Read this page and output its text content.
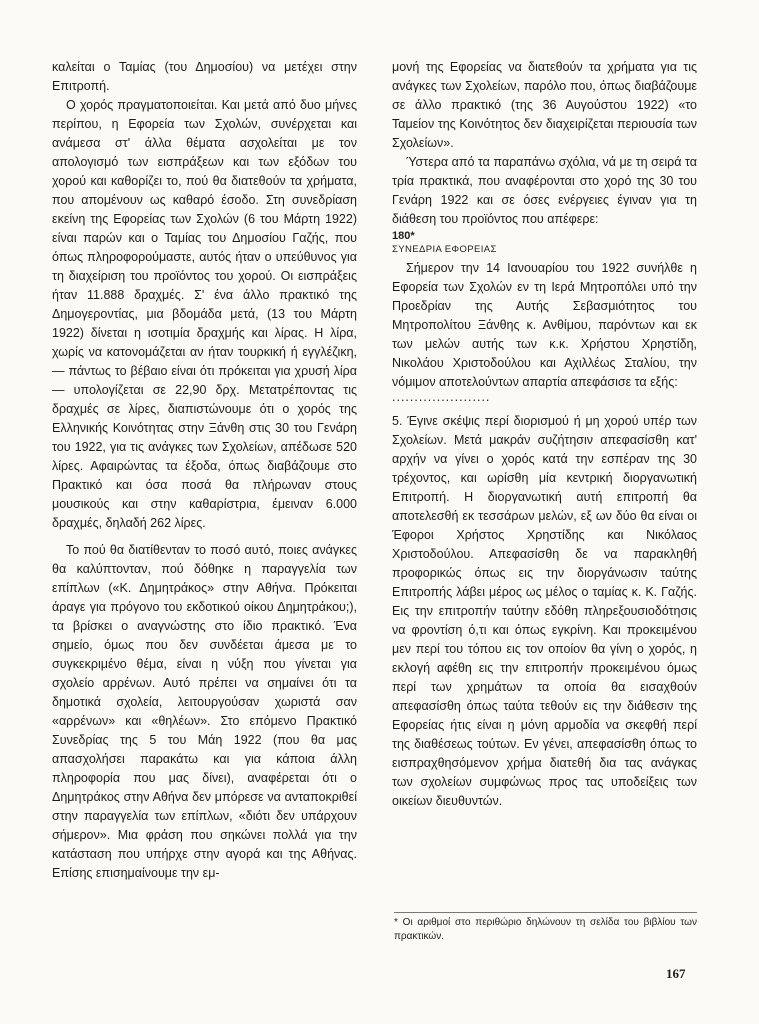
καλείται ο Ταμίας (του Δημοσίου) να μετέχει στην Επιτροπή.

Ο χορός πραγματοποιείται. Και μετά από δυο μήνες περίπου, η Εφορεία των Σχολών, συνέρχεται και ανάμεσα στ' άλλα θέματα ασχολείται με τον απολογισμό των εισπράξεων και των εξόδων του χορού και καθορίζει το, πού θα διατεθούν τα χρήματα, που απομένουν ως καθαρό έσοδο. Στη συνεδρίαση εκείνη της Εφορείας των Σχολών (6 του Μάρτη 1922) είναι παρών και ο Ταμίας του Δημοσίου Γαζής, που όπως πληροφορούμαστε, αυτός ήταν ο υπεύθυνος για τη διαχείριση του προϊόντος του χορού. Οι εισπράξεις ήταν 11.888 δραχμές. Σ' ένα άλλο πρακτικό της Δημογεροντίας, μια βδομάδα μετά, (13 του Μάρτη 1922) δίνεται η ισοτιμία δραχμής και λίρας. Η λίρα, χωρίς να κατονομάζεται αν ήταν τουρκική ή εγγλέζικη, — πάντως το βέβαιο είναι ότι πρόκειται για χρυσή λίρα — υπολογίζεται σε 22,90 δρχ. Μετατρέποντας τις δραχμές σε λίρες, διαπιστώνουμε ότι ο χορός της Ελληνικής Κοινότητας στην Ξάνθη στις 30 του Γενάρη του 1922, για τις ανάγκες των Σχολείων, απέδωσε 520 λίρες. Αφαιρώντας τα έξοδα, όπως διαβάζουμε στο Πρακτικό και όσα ποσά θα πλήρωναν στους μουσικούς και στην καθαρίστρια, έμειναν 6.000 δραχμές, δηλαδή 262 λίρες.

Το πού θα διατίθενταν το ποσό αυτό, ποιες ανάγκες θα καλύπτονταν, πού δόθηκε η παραγγελία των επίπλων («Κ. Δημητράκος» στην Αθήνα. Πρόκειται άραγε για πρόγονο του εκδοτικού οίκου Δημητράκου;), τα βρίσκει ο αναγνώστης στο ίδιο πρακτικό. Ένα σημείο, όμως που δεν συνδέεται άμεσα με το συγκεκριμένο θέμα, είναι η νύξη που γίνεται για σχολείο αρρένων. Αυτό πρέπει να σημαίνει ότι τα δημοτικά σχολεία, λειτουργούσαν χωριστά σαν «αρρένων» και «θηλέων». Στο επόμενο Πρακτικό Συνεδρίας της 5 του Μάη 1922 (που θα μας απασχολήσει παρακάτω και για κάποια άλλη πληροφορία που μας δίνει), αναφέρεται ότι ο Δημητράκος στην Αθήνα δεν μπόρεσε να ανταποκριθεί στην παραγγελία των επίπλων, «διότι δεν υπάρχουν σήμερον». Μια φράση που σηκώνει πολλά για την κατάσταση που υπήρχε στην αγορά και της Αθήνας. Επίσης επισημαίνουμε την εμ-

μονή της Εφορείας να διατεθούν τα χρήματα για τις ανάγκες των Σχολείων, παρόλο που, όπως διαβάζουμε σε άλλο πρακτικό (της 36 Αυγούστου 1922) «το Ταμείον της Κοινότητος δεν διαχειρίζεται περιουσία των Σχολείων».

Ύστερα από τα παραπάνω σχόλια, νά με τη σειρά τα τρία πρακτικά, που αναφέρονται στο χορό της 30 του Γενάρη 1922 και σε όσες ενέργειες έγιναν για τη διάθεση του προϊόντος που απέφερε:

180*
ΣΥΝΕΔΡΙΑ ΕΦΟΡΕΙΑΣ

Σήμερον την 14 Ιανουαρίου του 1922 συνήλθε η Εφορεία των Σχολών εν τη Ιερά Μητροπόλει υπό την Προεδρίαν της Αυτής Σεβασμιότητος του Μητροπολίτου Ξάνθης κ. Ανθίμου, παρόντων και εκ των μελών αυτής των κ.κ. Χρήστου Χρηστίδη, Νικολάου Χριστοδούλου και Αχιλλέως Σταλίου, την νόμιμον αποτελούντων απαρτία απεφάσισε τα εξής:

......................

5. Έγινε σκέψις περί διορισμού ή μη χορού υπέρ των Σχολείων. Μετά μακράν συζήτησιν απεφασίσθη κατ' αρχήν να γίνει ο χορός κατά την εσπέραν της 30 τρέχοντος, και ωρίσθη μία κεντρική διοργανωτική Επιτροπή. Η διοργανωτική αυτή επιτροπή θα αποτελεσθή εκ τεσσάρων μελών, εξ ων δύο θα είναι οι Έφοροι Χρήστος Χρηστίδης και Νικόλαος Χριστοδούλου. Απεφασίσθη δε να παρακληθή προφορικώς όπως εις την διοργάνωσιν ταύτης Επιτροπής λάβει μέρος ως μέλος ο ταμίας κ. Κ. Γαζής. Εις την επιτροπήν ταύτην εδόθη πληρεξουσιοδότησις να φροντίση ό,τι και όπως εγκρίνη. Και προκειμένου μεν περί του τόπου εις τον οποίον θα γίνη ο χορός, η εκλογή αφέθη εις την επιτροπήν προκειμένου όμως περί των χρημάτων τα οποία θα εισαχθούν απεφασίσθη όπως ταύτα τεθούν εις την διάθεσιν της Εφορείας ήτις είναι η μόνη αρμοδία να σκεφθή περί της διαθέσεως τούτων. Εν γένει, απεφασίσθη όπως το εισπραχθησόμενον χρήμα διατεθή δια τας ανάγκας των σχολείων συμφώνως προς τας υποδείξεις των οικείων διευθυντών.

* Οι αριθμοί στο περιθώριο δηλώνουν τη σελίδα του βιβλίου των πρακτικών.
167
